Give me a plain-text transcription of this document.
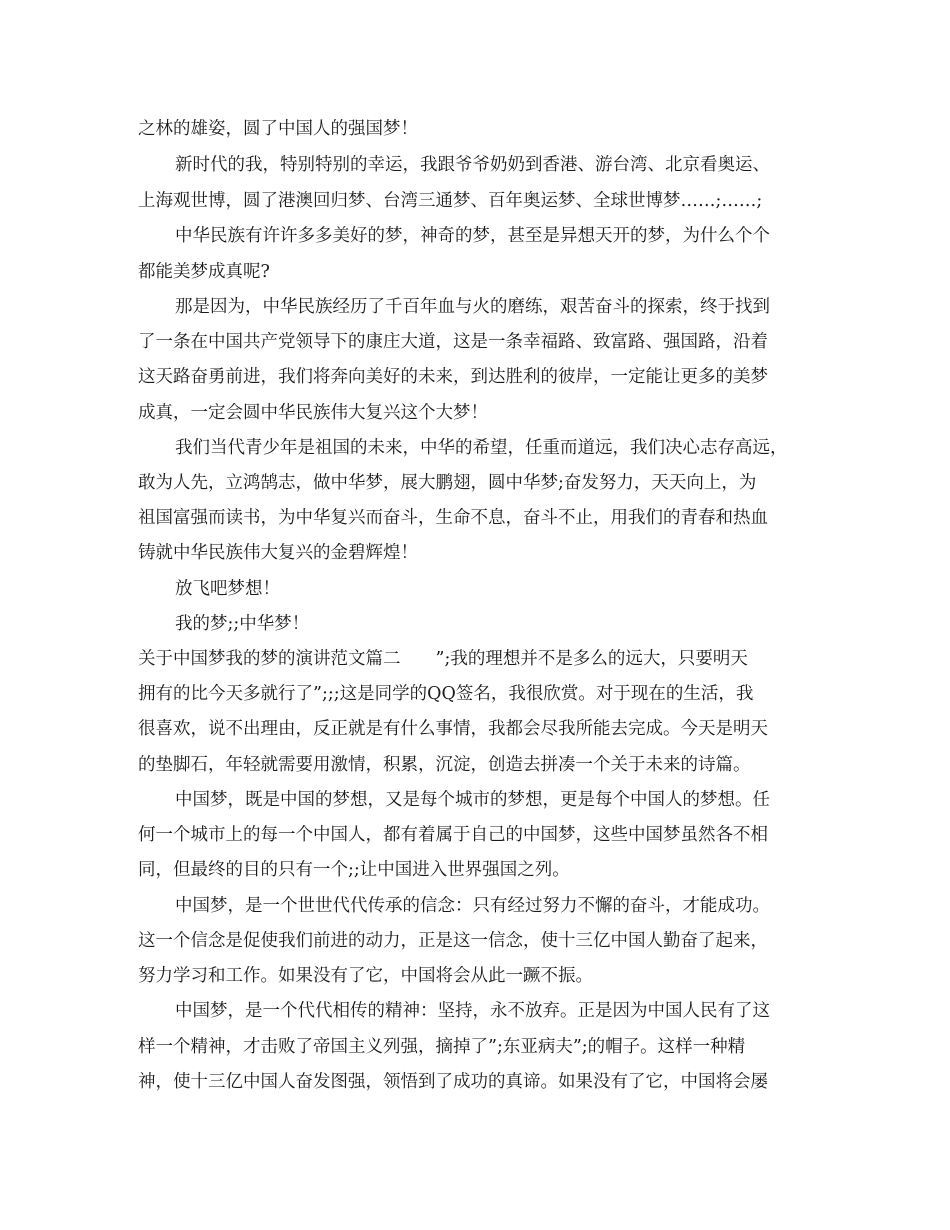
之林的雄姿，圆了中国人的强国梦！
新时代的我，特别特别的幸运，我跟爷爷奶奶到香港、游台湾、北京看奥运、
上海观世博，圆了港澳回归梦、台湾三通梦、百年奥运梦、全球世博梦……;……;
中华民族有许许多多美好的梦，神奇的梦，甚至是异想天开的梦，为什么个个
都能美梦成真呢?
那是因为，中华民族经历了千百年血与火的磨练，艰苦奋斗的探索，终于找到
了一条在中国共产党领导下的康庄大道，这是一条幸福路、致富路、强国路，沿着
这天路奋勇前进，我们将奔向美好的未来，到达胜利的彼岸，一定能让更多的美梦
成真，一定会圆中华民族伟大复兴这个大梦！
我们当代青少年是祖国的未来，中华的希望，任重而道远，我们决心志存高远，
敢为人先，立鸿鹄志，做中华梦，展大鹏翅，圆中华梦;奋发努力，天天向上，为
祖国富强而读书，为中华复兴而奋斗，生命不息，奋斗不止，用我们的青春和热血
铸就中华民族伟大复兴的金碧辉煌！
放飞吧梦想！
我的梦;;中华梦！
关于中国梦我的梦的演讲范文篇二　　”;我的理想并不是多么的远大，只要明天
拥有的比今天多就行了”;;;这是同学的QQ签名，我很欣赏。对于现在的生活，我
很喜欢，说不出理由，反正就是有什么事情，我都会尽我所能去完成。今天是明天
的垫脚石，年轻就需要用激情，积累，沉淀，创造去拼凑一个关于未来的诗篇。
中国梦，既是中国的梦想，又是每个城市的梦想，更是每个中国人的梦想。任
何一个城市上的每一个中国人，都有着属于自己的中国梦，这些中国梦虽然各不相
同，但最终的目的只有一个;;让中国进入世界强国之列。
中国梦，是一个世世代代传承的信念：只有经过努力不懈的奋斗，才能成功。
这一个信念是促使我们前进的动力，正是这一信念，使十三亿中国人勤奋了起来，
努力学习和工作。如果没有了它，中国将会从此一蹶不振。
中国梦，是一个代代相传的精神：坚持，永不放弃。正是因为中国人民有了这
样一个精神，才击败了帝国主义列强，摘掉了”;东亚病夫”;的帽子。这样一种精
神，使十三亿中国人奋发图强，领悟到了成功的真谛。如果没有了它，中国将会屡
